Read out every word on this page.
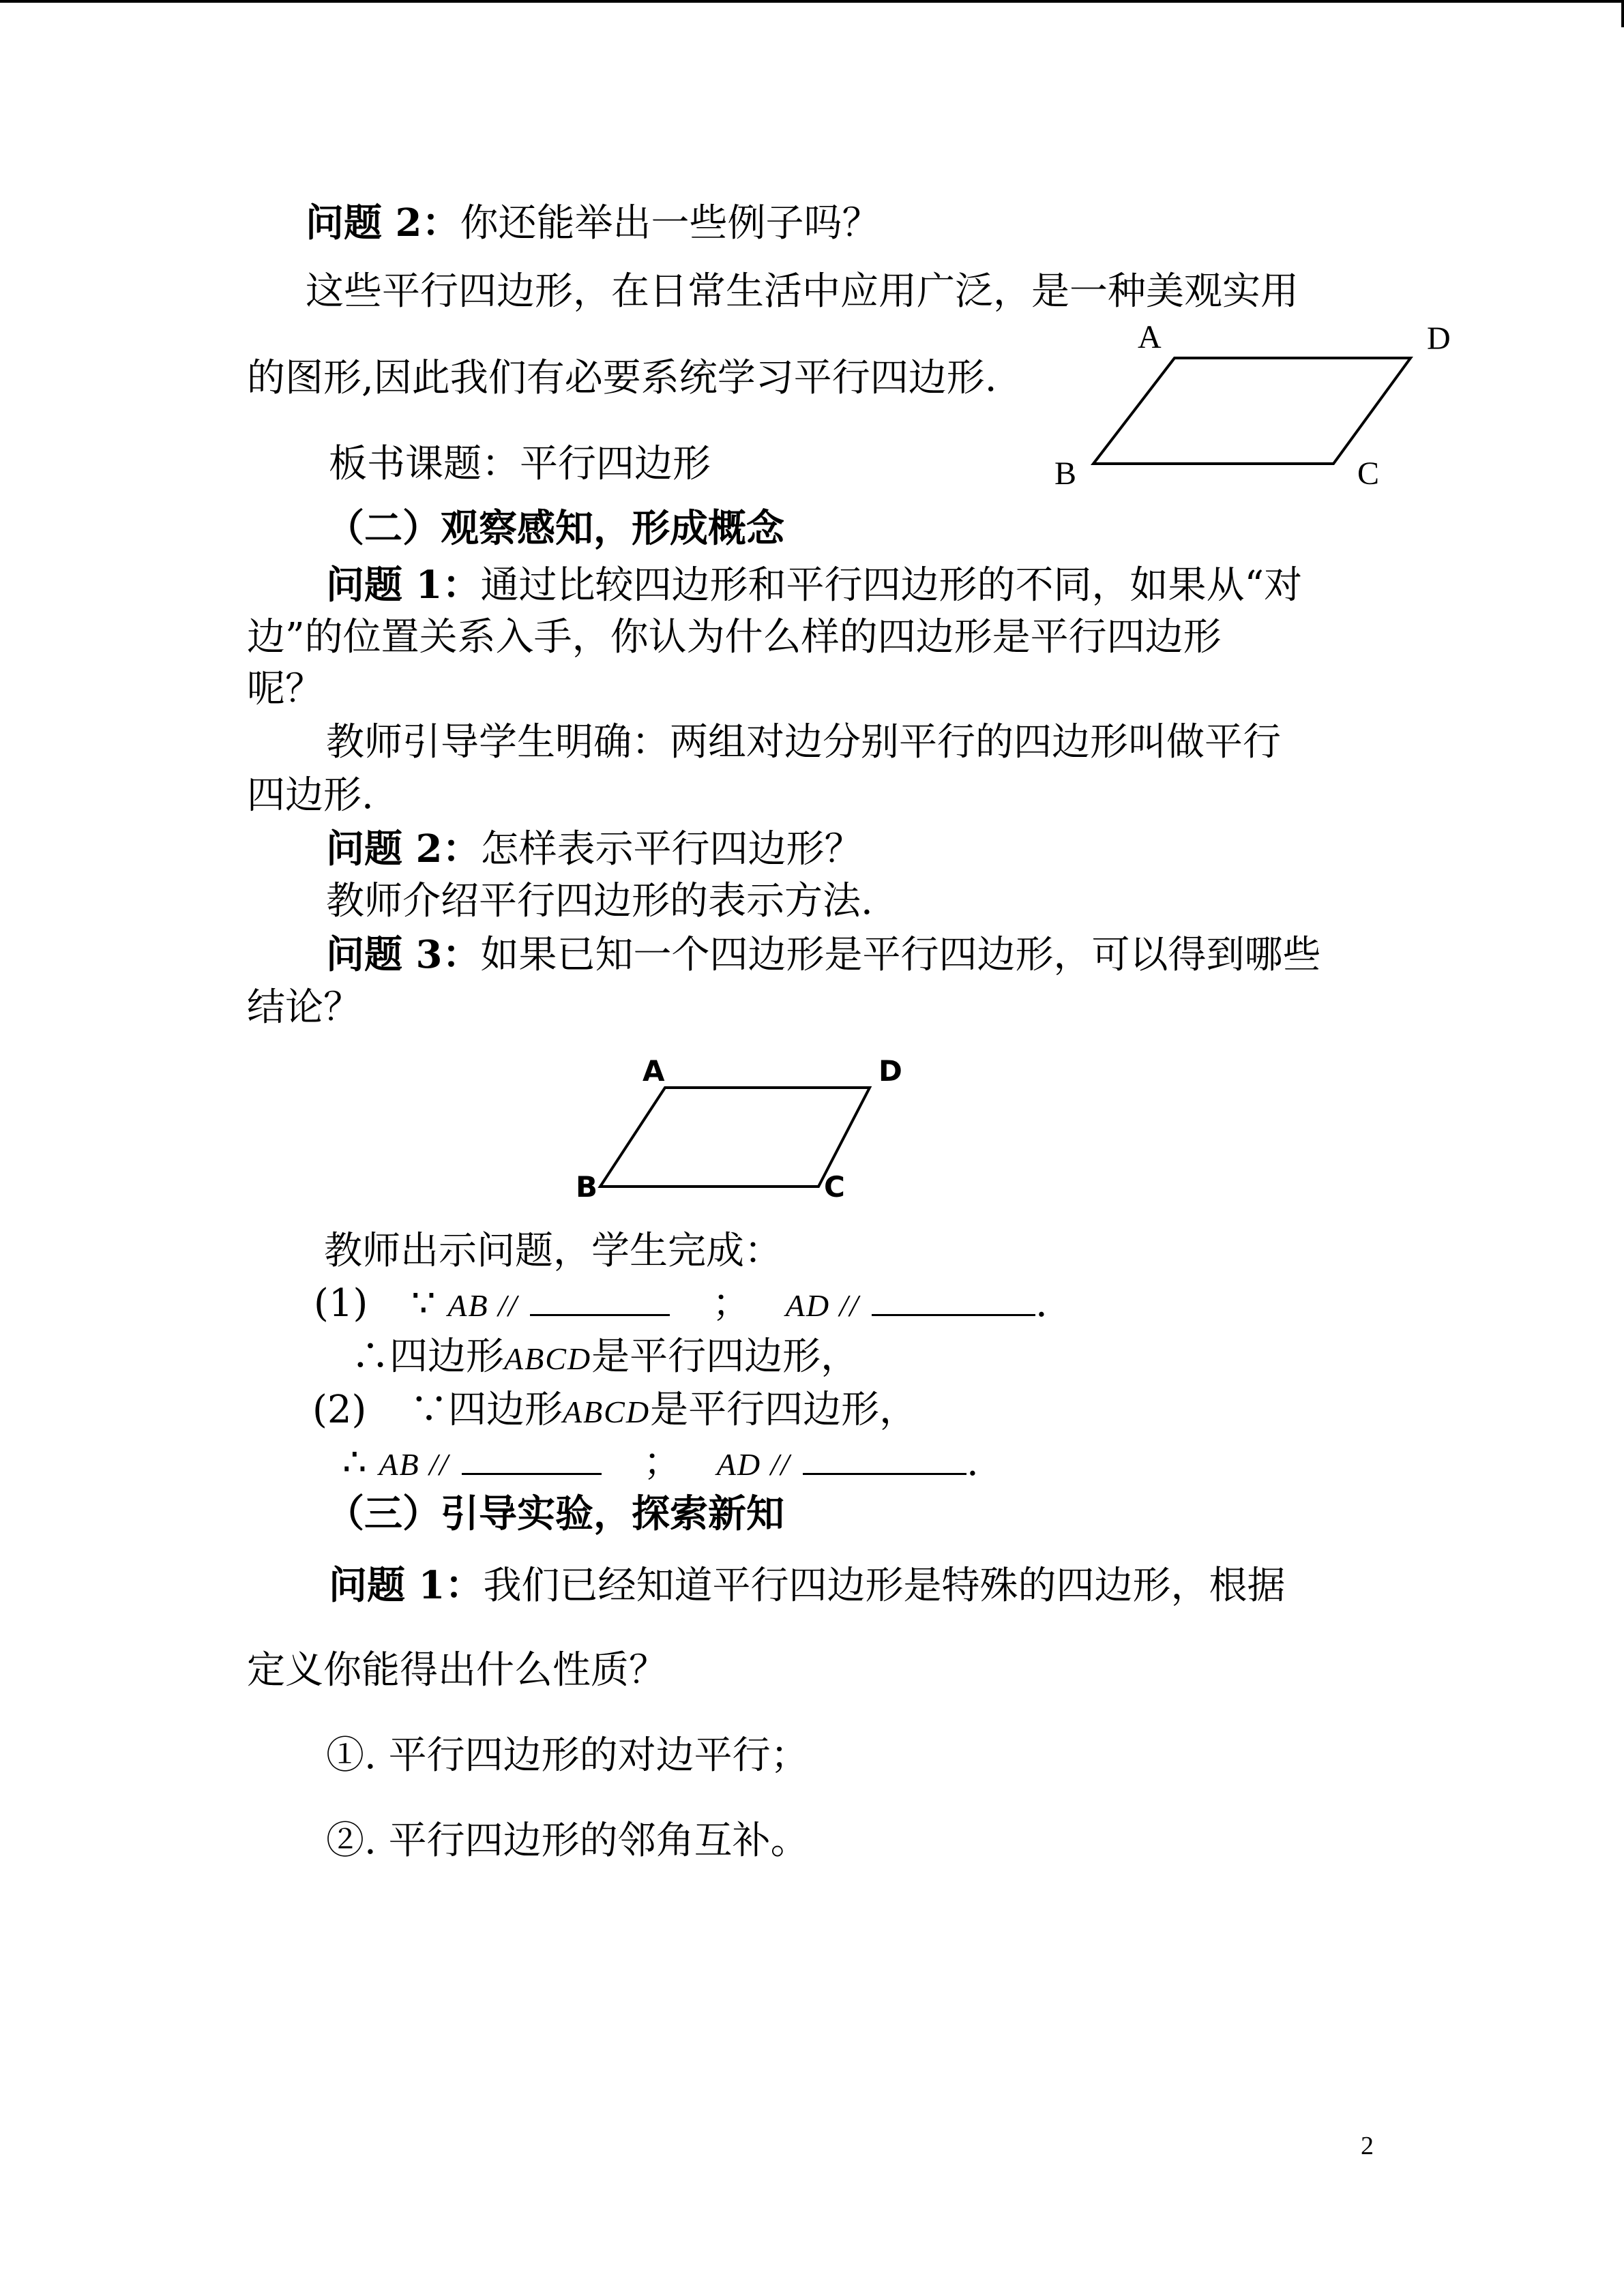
问题 2：你还能举出一些例子吗？
这些平行四边形，在日常生活中应用广泛，是一种美观实用
的图形,因此我们有必要系统学习平行四边形.
板书课题：平行四边形
A	D
B	C
（二）观察感知，形成概念
问题 1：通过比较四边形和平行四边形的不同，如果从“对
边”的位置关系入手，你认为什么样的四边形是平行四边形
呢？
教师引导学生明确：两组对边分别平行的四边形叫做平行
四边形.
问题 2：怎样表示平行四边形？
教师介绍平行四边形的表示方法.
问题 3：如果已知一个四边形是平行四边形，可以得到哪些
结论？
A	D
B	C
教师出示问题，学生完成：
(1) ∵ AB //	； AD //	.
∴四边形ABCD是平行四边形，
(2) ∵四边形ABCD是平行四边形，
∴ AB //	； AD //	.
（三）引导实验，探索新知
问题 1：我们已经知道平行四边形是特殊的四边形，根据
定义你能得出什么性质？
①. 平行四边形的对边平行；
②. 平行四边形的邻角互补。
2
